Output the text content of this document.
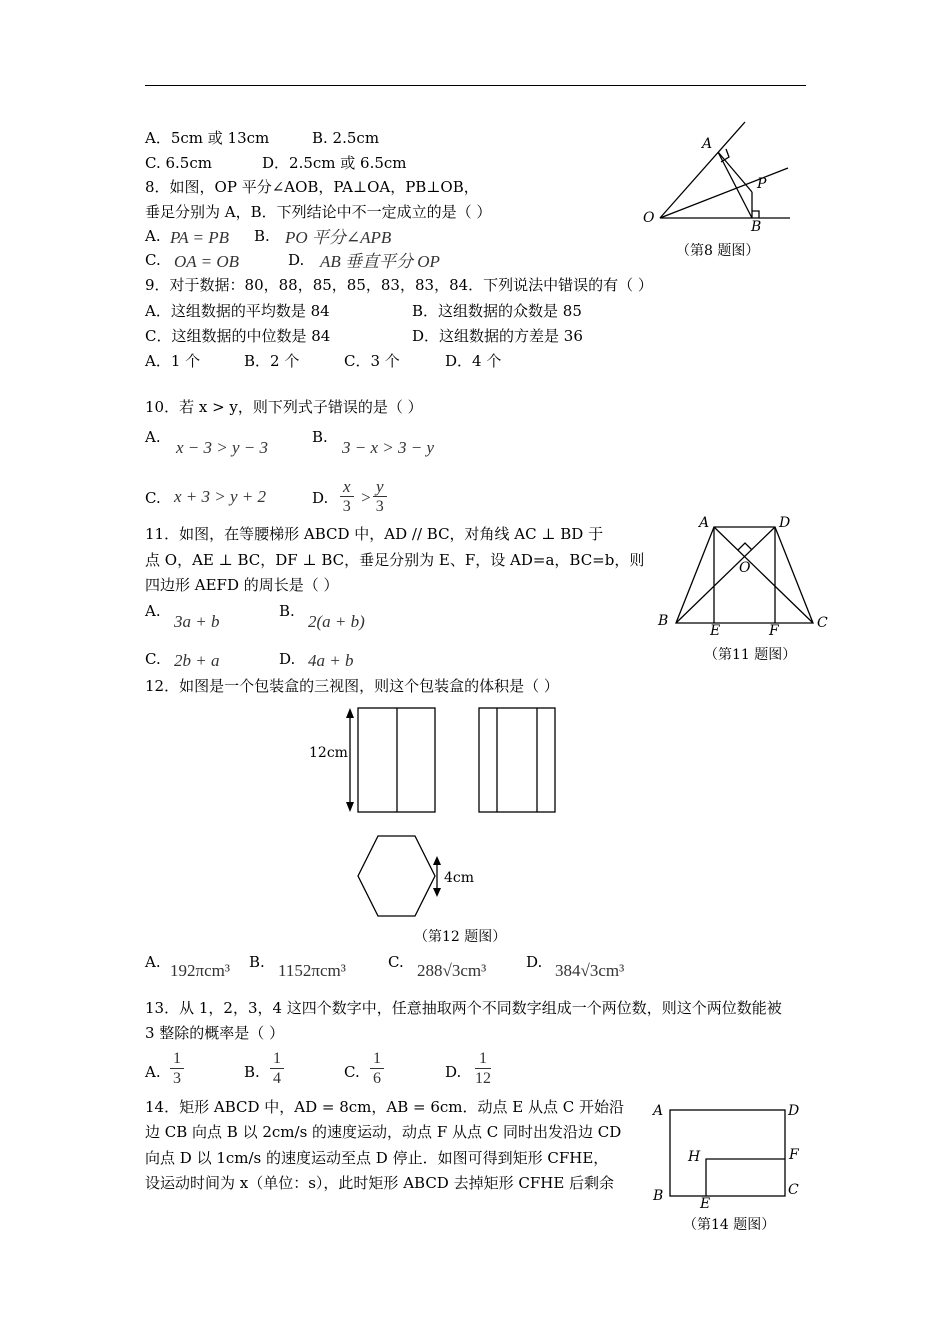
A．5cm 或 13cm	B. 2.5cm
C. 6.5cm	D．2.5cm 或 6.5cm
8．如图，OP 平分∠AOB，PA⊥OA，PB⊥OB，
垂足分别为 A，B．下列结论中不一定成立的是（ ）
A. PA = PB B. PO 平分∠APB
C. OA = OB	D. AB 垂直平分 OP
A
P
O
B
（第8 题图）
9．对于数据：80，88，85，85，83，83，84．下列说法中错误的有（ ）
A．这组数据的平均数是 84	B．这组数据的众数是 85
C．这组数据的中位数是 84	D．这组数据的方差是 36
A．1 个	B．2 个	C．3 个	D．4 个
10．若 x > y，则下列式子错误的是（ ）
A.
x − 3 > y − 3
B.
3 − x > 3 − y
C. x + 3 > y + 2	D. $\frac{x}{3} > \frac{y}{3}$
11．如图，在等腰梯形 ABCD 中，AD // BC，对角线 AC ⊥ BD 于
点 O，AE ⊥ BC，DF ⊥ BC，垂足分别为 E、F，设 AD=a，BC=b，则
四边形 AEFD 的周长是（ ）
A.
3a + b
B.
2(a + b)
C. 2b + a	D. 4a + b
A	D
O
B
E	F	C
（第11 题图）
12．如图是一个包装盒的三视图，则这个包装盒的体积是（ ）
12cm
4cm
（第12 题图）
A. 192πcm³ B. 1152πcm³	C. 288√3cm³	D. 384√3cm³
13．从 1，2，3，4 这四个数字中，任意抽取两个不同数字组成一个两位数，则这个两位数能被
3 整除的概率是（ ）
A. $\frac{1}{3}$	B. $\frac{1}{4}$	C. $\frac{1}{6}$	D. $\frac{1}{12}$
14．矩形 ABCD 中，AD = 8cm，AB = 6cm．动点 E 从点 C 开始沿
边 CB 向点 B 以 2cm/s 的速度运动，动点 F 从点 C 同时出发沿边 CD
向点 D 以 1cm/s 的速度运动至点 D 停止．如图可得到矩形 CFHE，
设运动时间为 x（单位：s），此时矩形 ABCD 去掉矩形 CFHE 后剩余
A	D
H	F
B	E
C
（第14 题图）
